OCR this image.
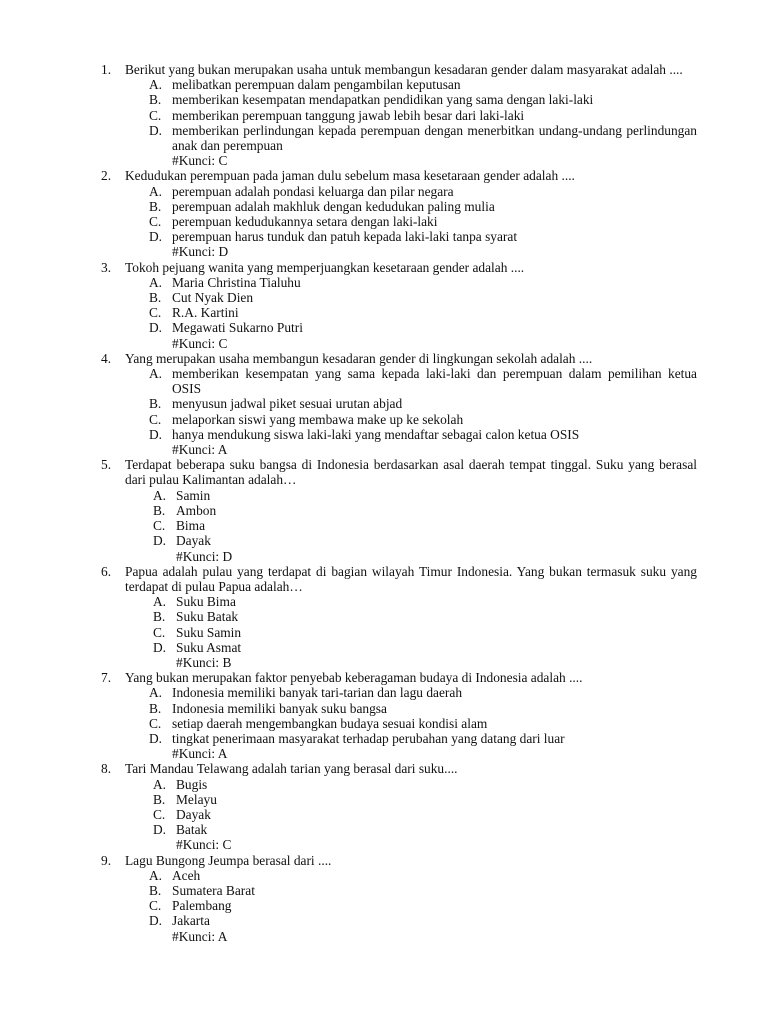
1. Berikut yang bukan merupakan usaha untuk membangun kesadaran gender dalam masyarakat adalah ....
A. melibatkan perempuan dalam pengambilan keputusan
B. memberikan kesempatan mendapatkan pendidikan yang sama dengan laki-laki
C. memberikan perempuan tanggung jawab lebih besar dari laki-laki
D. memberikan perlindungan kepada perempuan dengan menerbitkan undang-undang perlindungan anak dan perempuan
#Kunci: C
2. Kedudukan perempuan pada jaman dulu sebelum masa kesetaraan gender adalah ....
A. perempuan adalah pondasi keluarga dan pilar negara
B. perempuan adalah makhluk dengan kedudukan paling mulia
C. perempuan kedudukannya setara dengan laki-laki
D. perempuan harus tunduk dan patuh kepada laki-laki tanpa syarat
#Kunci: D
3. Tokoh pejuang wanita yang memperjuangkan kesetaraan gender adalah ....
A. Maria Christina Tialuhu
B. Cut Nyak Dien
C. R.A. Kartini
D. Megawati Sukarno Putri
#Kunci: C
4. Yang merupakan usaha membangun kesadaran gender di lingkungan sekolah adalah ....
A. memberikan kesempatan yang sama kepada laki-laki dan perempuan dalam pemilihan ketua OSIS
B. menyusun jadwal piket sesuai urutan abjad
C. melaporkan siswi yang membawa make up ke sekolah
D. hanya mendukung siswa laki-laki yang mendaftar sebagai calon ketua OSIS
#Kunci: A
5. Terdapat beberapa suku bangsa di Indonesia berdasarkan asal daerah tempat tinggal. Suku yang berasal dari pulau Kalimantan adalah…
A. Samin
B. Ambon
C. Bima
D. Dayak
#Kunci: D
6. Papua adalah pulau yang terdapat di bagian wilayah Timur Indonesia. Yang bukan termasuk suku yang terdapat di pulau Papua adalah…
A. Suku Bima
B. Suku Batak
C. Suku Samin
D. Suku Asmat
#Kunci: B
7. Yang bukan merupakan faktor penyebab keberagaman budaya di Indonesia adalah ....
A. Indonesia memiliki banyak tari-tarian dan lagu daerah
B. Indonesia memiliki banyak suku bangsa
C. setiap daerah mengembangkan budaya sesuai kondisi alam
D. tingkat penerimaan masyarakat terhadap perubahan yang datang dari luar
#Kunci: A
8. Tari Mandau Telawang adalah tarian yang berasal dari suku....
A. Bugis
B. Melayu
C. Dayak
D. Batak
#Kunci: C
9. Lagu Bungong Jeumpa berasal dari ....
A. Aceh
B. Sumatera Barat
C. Palembang
D. Jakarta
#Kunci: A
